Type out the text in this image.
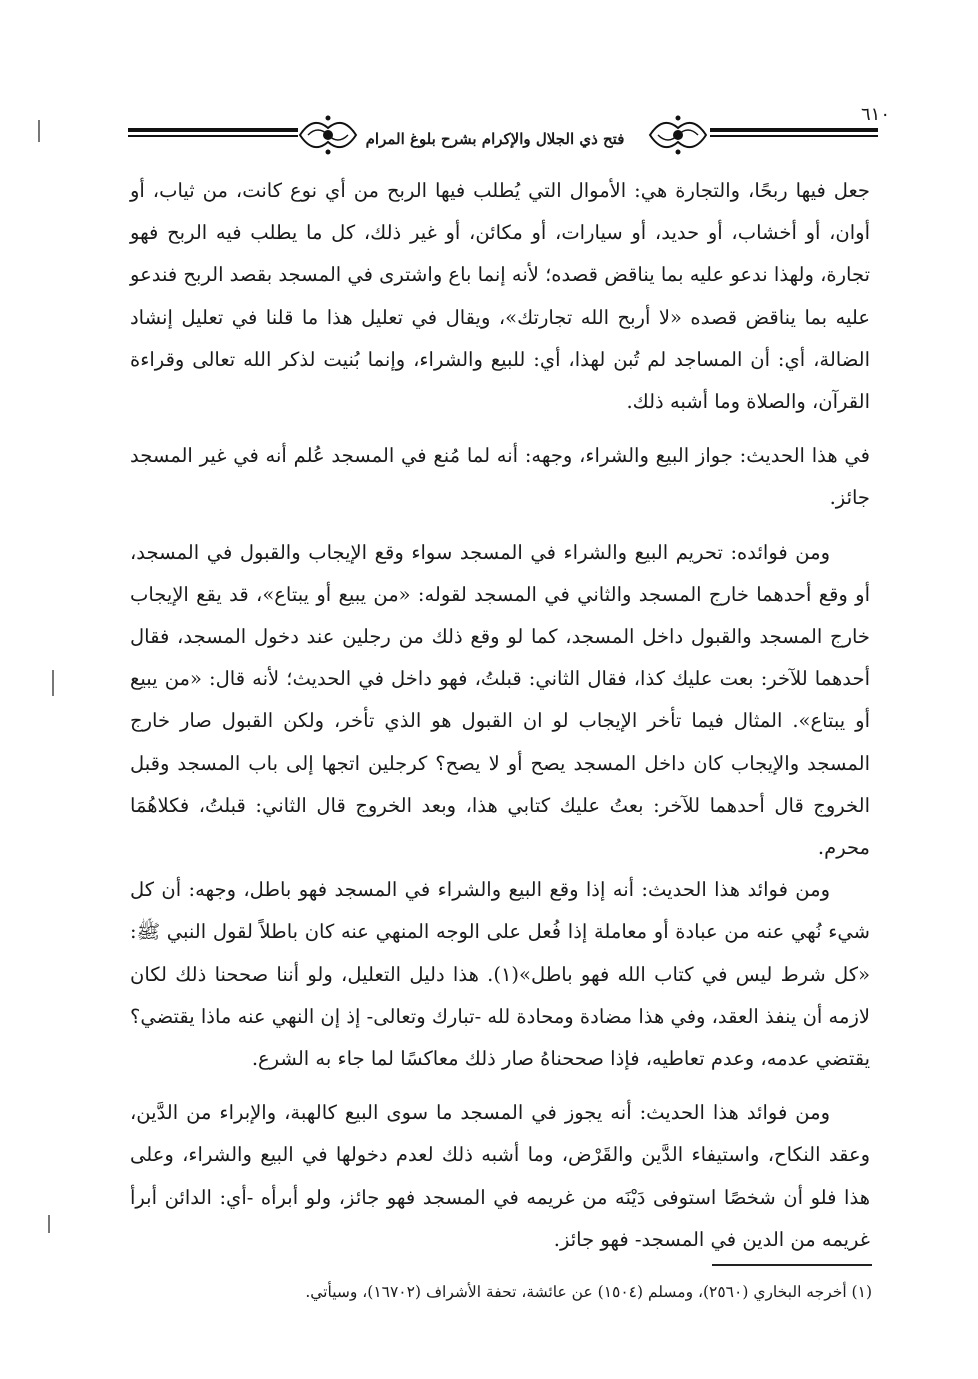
فتح ذي الجلال والإكرام بشرح بلوغ المرام
٦١٠

جعل فيها ربحًا، والتجارة هي: الأموال التي يُطلب فيها الربح من أي نوع كانت، من ثياب، أو أوان، أو أخشاب، أو حديد، أو سيارات، أو مكائن، أو غير ذلك، كل ما يطلب فيه الربح فهو تجارة، ولهذا ندعو عليه بما يناقض قصده؛ لأنه إنما باع واشترى في المسجد بقصد الربح فندعو عليه بما يناقض قصده «لا أربح الله تجارتك»، ويقال في تعليل هذا ما قلنا في تعليل إنشاد الضالة، أي: أن المساجد لم تُبن لهذا، أي: للبيع والشراء، وإنما بُنيت لذكر الله تعالى وقراءة القرآن، والصلاة وما أشبه ذلك.

في هذا الحديث: جواز البيع والشراء، وجهه: أنه لما مُنع في المسجد عُلم أنه في غير المسجد جائز.

ومن فوائده: تحريم البيع والشراء في المسجد سواء وقع الإيجاب والقبول في المسجد، أو وقع أحدهما خارج المسجد والثاني في المسجد لقوله: «من يبيع أو يبتاع»، قد يقع الإيجاب خارج المسجد والقبول داخل المسجد، كما لو وقع ذلك من رجلين عند دخول المسجد، فقال أحدهما للآخر: بعت عليك كذا، فقال الثاني: قبلتُ، فهو داخل في الحديث؛ لأنه قال: «من يبيع أو يبتاع». المثال فيما تأخر الإيجاب لو ان القبول هو الذي تأخر، ولكن القبول صار خارج المسجد والإيجاب كان داخل المسجد يصح أو لا يصح؟ كرجلين اتجها إلى باب المسجد وقبل الخروج قال أحدهما للآخر: بعتُ عليك كتابي هذا، وبعد الخروج قال الثاني: قبلتُ، فكلاهُمَا محرم.

ومن فوائد هذا الحديث: أنه إذا وقع البيع والشراء في المسجد فهو باطل، وجهه: أن كل شيء نُهي عنه من عبادة أو معاملة إذا فُعل على الوجه المنهي عنه كان باطلاً لقول النبي ﷺ: «كل شرط ليس في كتاب الله فهو باطل»(١). هذا دليل التعليل، ولو أننا صححنا ذلك لكان لازمه أن ينفذ العقد، وفي هذا مضادة ومحادة لله -تبارك وتعالى- إذ إن النهي عنه ماذا يقتضي؟ يقتضي عدمه، وعدم تعاطيه، فإذا صححناهُ صار ذلك معاكسًا لما جاء به الشرع.

ومن فوائد هذا الحديث: أنه يجوز في المسجد ما سوى البيع كالهبة، والإبراء من الدَّين، وعقد النكاح، واستيفاء الدَّين والقَرْض، وما أشبه ذلك لعدم دخولها في البيع والشراء، وعلى هذا فلو أن شخصًا استوفى دَيْنَه من غريمه في المسجد فهو جائز، ولو أبرأه -أي: الدائن أبرأ غريمه من الدين في المسجد- فهو جائز.

(١) أخرجه البخاري (٢٥٦٠)، ومسلم (١٥٠٤) عن عائشة، تحفة الأشراف (١٦٧٠٢)، وسيأتي.
